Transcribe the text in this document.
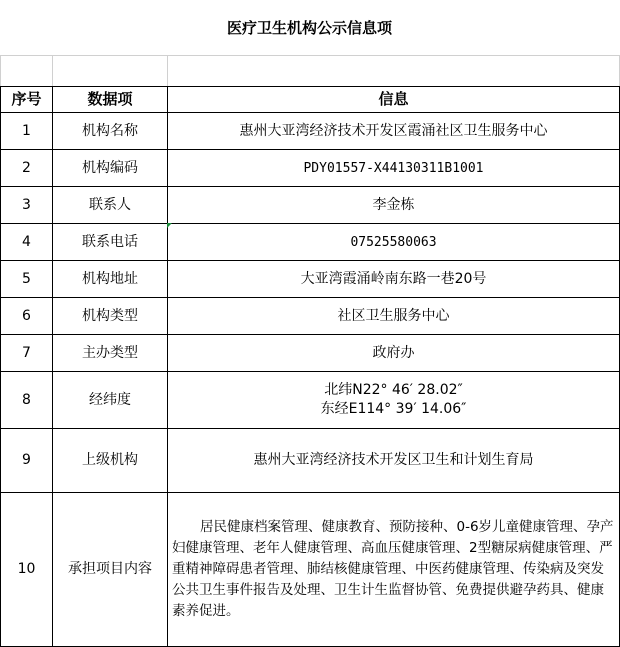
医疗卫生机构公示信息项
序号	数据项	信息
1	机构名称	惠州大亚湾经济技术开发区霞涌社区卫生服务中心
2	机构编码	PDY01557-X44130311B1001
3	联系人	李金栋
4	联系电话	07525580063
5	机构地址	大亚湾霞涌岭南东路一巷20号
6	机构类型	社区卫生服务中心
7	主办类型	政府办
8	经纬度	北纬N22° 46′ 28.02″
东经E114° 39′ 14.06″

9	上级机构	惠州大亚湾经济技术开发区卫生和计划生育局
10	承担项目内容	居民健康档案管理、健康教育、预防接种、0-6岁儿童健康管理、孕产妇健康管理、老年人健康管理、高血压健康管理、2型糖尿病健康管理、严重精神障碍患者管理、肺结核健康管理、中医药健康管理、传染病及突发公共卫生事件报告及处理、卫生计生监督协管、免费提供避孕药具、健康素养促进。
